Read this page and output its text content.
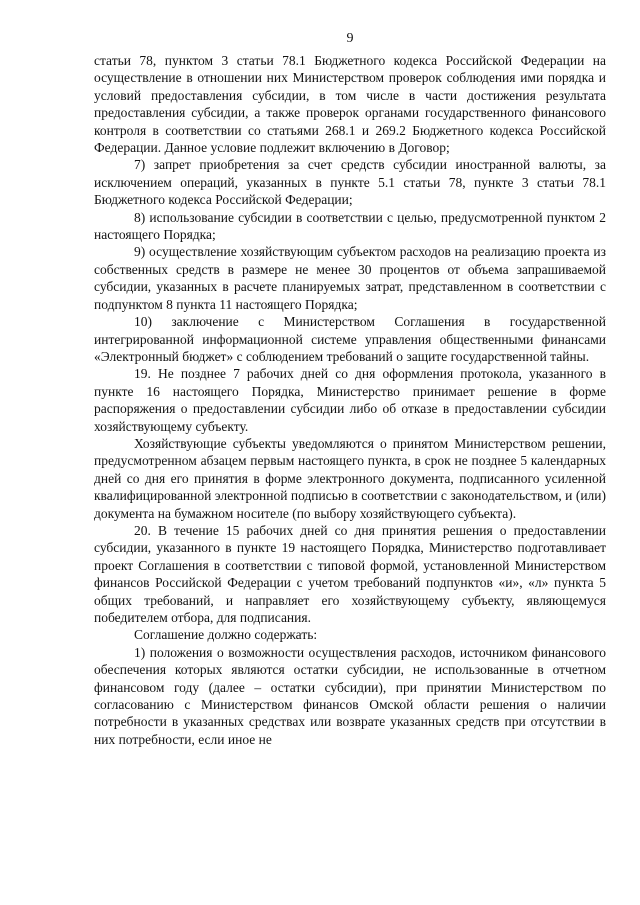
9

статьи 78, пунктом 3 статьи 78.1 Бюджетного кодекса Российской Федерации на осуществление в отношении них Министерством проверок соблюдения ими порядка и условий предоставления субсидии, в том числе в части достижения результата предоставления субсидии, а также проверок органами государственного финансового контроля в соответствии со статьями 268.1 и 269.2 Бюджетного кодекса Российской Федерации. Данное условие подлежит включению в Договор;

7) запрет приобретения за счет средств субсидии иностранной валюты, за исключением операций, указанных в пункте 5.1 статьи 78, пункте 3 статьи 78.1 Бюджетного кодекса Российской Федерации;

8) использование субсидии в соответствии с целью, предусмотренной пунктом 2 настоящего Порядка;

9) осуществление хозяйствующим субъектом расходов на реализацию проекта из собственных средств в размере не менее 30 процентов от объема запрашиваемой субсидии, указанных в расчете планируемых затрат, представленном в соответствии с подпунктом 8 пункта 11 настоящего Порядка;

10) заключение с Министерством Соглашения в государственной интегрированной информационной системе управления общественными финансами «Электронный бюджет» с соблюдением требований о защите государственной тайны.

19. Не позднее 7 рабочих дней со дня оформления протокола, указанного в пункте 16 настоящего Порядка, Министерство принимает решение в форме распоряжения о предоставлении субсидии либо об отказе в предоставлении субсидии хозяйствующему субъекту.

Хозяйствующие субъекты уведомляются о принятом Министерством решении, предусмотренном абзацем первым настоящего пункта, в срок не позднее 5 календарных дней со дня его принятия в форме электронного документа, подписанного усиленной квалифицированной электронной подписью в соответствии с законодательством, и (или) документа на бумажном носителе (по выбору хозяйствующего субъекта).

20. В течение 15 рабочих дней со дня принятия решения о предоставлении субсидии, указанного в пункте 19 настоящего Порядка, Министерство подготавливает проект Соглашения в соответствии с типовой формой, установленной Министерством финансов Российской Федерации с учетом требований подпунктов «и», «л» пункта 5 общих требований, и направляет его хозяйствующему субъекту, являющемуся победителем отбора, для подписания.

Соглашение должно содержать:

1) положения о возможности осуществления расходов, источником финансового обеспечения которых являются остатки субсидии, не использованные в отчетном финансовом году (далее – остатки субсидии), при принятии Министерством по согласованию с Министерством финансов Омской области решения о наличии потребности в указанных средствах или возврате указанных средств при отсутствии в них потребности, если иное не
